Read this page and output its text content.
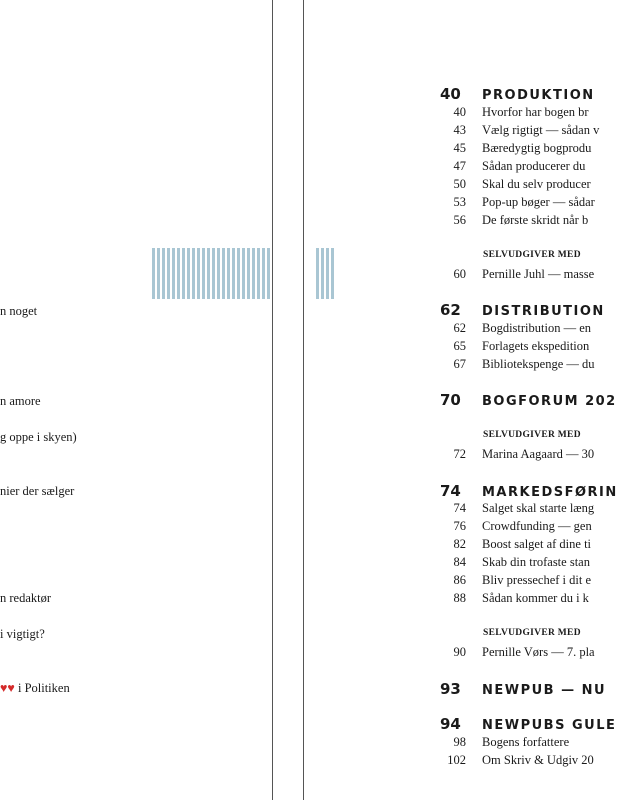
n noget
n amore
g oppe i skyen)
nier der sælger
n redaktør
i vigtigt?
♥♥ i Politiken
40 PRODUKTION
40 Hvorfor har bogen br
43 Vælg rigtigt — sådan v
45 Bæredygtig bogprodu
47 Sådan producerer du
50 Skal du selv producer
53 Pop-up bøger — sådar
56 De første skridt når b
SELVUDGIVER MED
60 Pernille Juhl — masse
62 DISTRIBUTION
62 Bogdistribution — en
65 Forlagets ekspedition
67 Bibliotekspenge — du
70 BOGFORUM 202
SELVUDGIVER MED
72 Marina Aagaard — 30
74 MARKEDSFØRIN
74 Salget skal starte læng
76 Crowdfunding — gen
82 Boost salget af dine ti
84 Skab din trofaste stan
86 Bliv pressechef i dit e
88 Sådan kommer du i k
SELVUDGIVER MED
90 Pernille Vørs — 7. pla
93 NEWPUB — NU
94 NEWPUBS GULE
98 Bogens forfattere
102 Om Skriv & Udgiv 20
